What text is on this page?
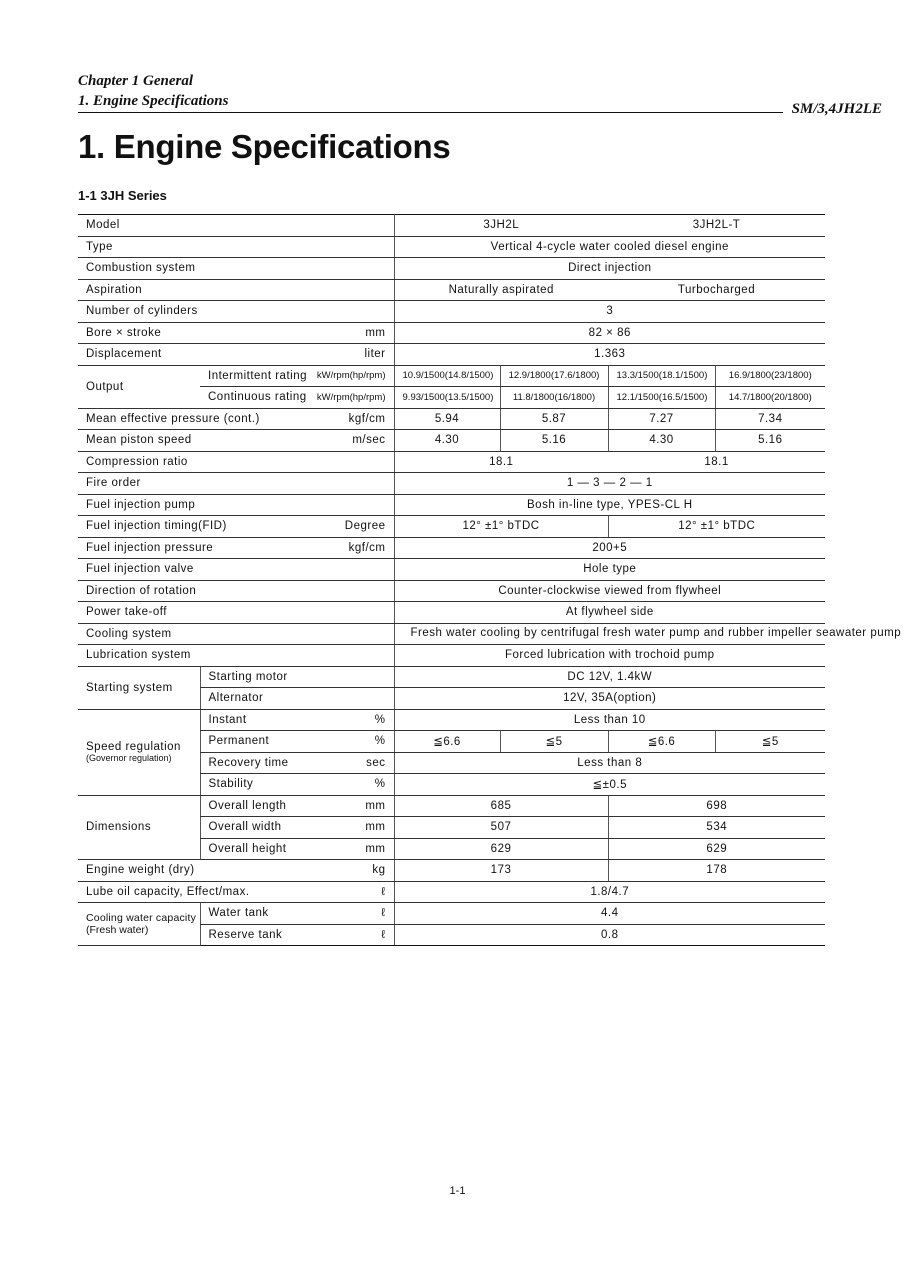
Chapter 1 General
1. Engine Specifications	SM/3,4JH2LE
1. Engine Specifications
1-1 3JH Series
Model			3JH2L		3JH2L-T	
Type			Vertical 4-cycle water cooled diesel engine			
Combustion system			Direct injection			
Aspiration			Naturally aspirated		Turbocharged	
Number of cylinders			3			
Bore × stroke		mm	82 × 86			
Displacement		liter	1.363			
Output	Intermittent rating	kW/rpm(hp/rpm)	10.9/1500(14.8/1500)	12.9/1800(17.6/1800)	13.3/1500(18.1/1500)	16.9/1800(23/1800)
	Continuous rating	kW/rpm(hp/rpm)	9.93/1500(13.5/1500)	11.8/1800(16/1800)	12.1/1500(16.5/1500)	14.7/1800(20/1800)
Mean effective pressure (cont.)		kgf/cm	5.94	5.87	7.27	7.34
Mean piston speed		m/sec	4.30	5.16	4.30	5.16
Compression ratio			18.1		18.1	
Fire order			1 — 3 — 2 — 1			
Fuel injection pump			Bosh in-line type, YPES-CL H			
Fuel injection timing(FID)		Degree	12° ±1° bTDC		12° ±1° bTDC	
Fuel injection pressure		kgf/cm	200+5			
Fuel injection valve			Hole type			
Direction of rotation			Counter-clockwise viewed from flywheel			
Power take-off			At flywheel side			
Cooling system			Fresh water cooling by centrifugal fresh water pump and rubber impeller seawater pump			
Lubrication system			Forced lubrication with trochoid pump			
Starting system	Starting motor		DC 12V, 1.4kW			
	Alternator		12V, 35A(option)			
Speed regulation
(Governor regulation)	Instant	%	Less than 10			
	Permanent	%	≦6.6	≦5	≦6.6	≦5
	Recovery time	sec	Less than 8			
	Stability	%	≦±0.5			
Dimensions	Overall length	mm	685		698	
	Overall width	mm	507		534	
	Overall height	mm	629		629	
Engine weight (dry)		kg	173		178	
Lube oil capacity, Effect/max.		ℓ	1.8/4.7			
Cooling water capacity
(Fresh water)	Water tank	ℓ	4.4			
	Reserve tank	ℓ	0.8			
1-1
